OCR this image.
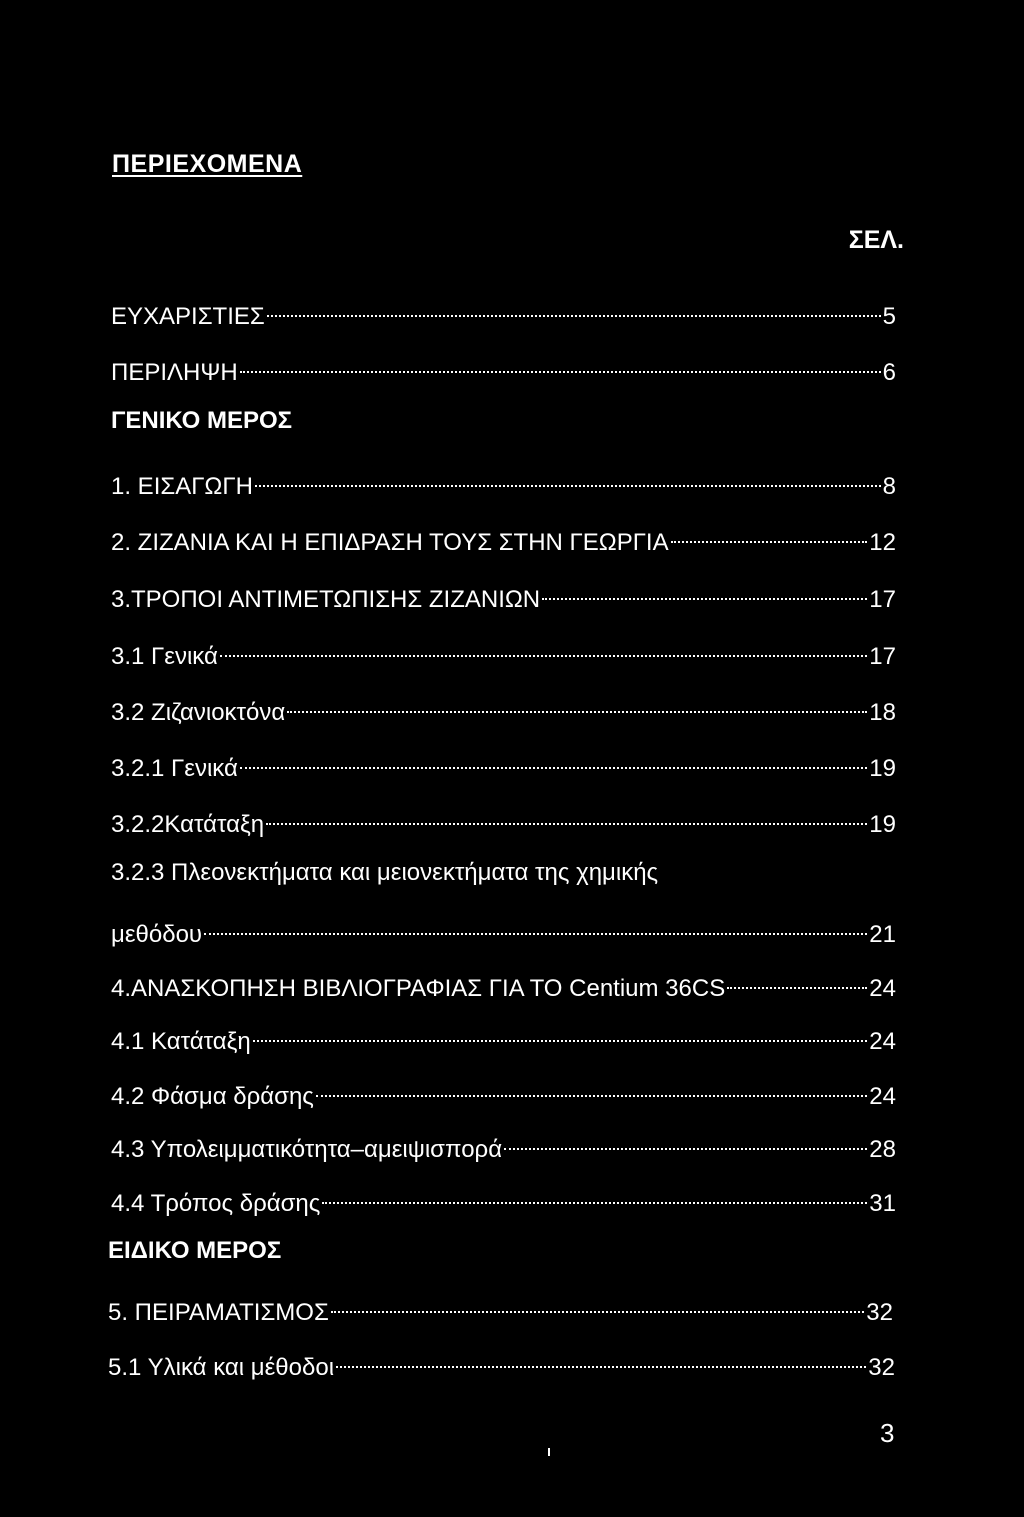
ΠΕΡΙΕΧΟΜΕΝΑ
ΣΕΛ.
ΕΥΧΑΡΙΣΤΙΕΣ	5
ΠΕΡΙΛΗΨΗ	6
ΓΕΝΙΚΟ ΜΕΡΟΣ
1. ΕΙΣΑΓΩΓΗ	8
2. ΖΙΖΑΝΙΑ ΚΑΙ Η ΕΠΙΔΡΑΣΗ ΤΟΥΣ ΣΤΗΝ ΓΕΩΡΓΙΑ	12
3.ΤΡΟΠΟΙ ΑΝΤΙΜΕΤΩΠΙΣΗΣ ΖΙΖΑΝΙΩΝ	17
3.1 Γενικά	17
3.2 Ζιζανιοκτόνα	18
3.2.1 Γενικά	19
3.2.2Κατάταξη	19
3.2.3 Πλεονεκτήματα και μειονεκτήματα της χημικής
μεθόδου	21
4.ΑΝΑΣΚΟΠΗΣΗ ΒΙΒΛΙΟΓΡΑΦΙΑΣ ΓΙΑ ΤΟ Centium 36CS	24
4.1 Κατάταξη	24
4.2 Φάσμα δράσης	24
4.3 Υπολειμματικότητα–αμειψισπορά	28
4.4 Τρόπος δράσης	31
ΕΙΔΙΚΟ ΜΕΡΟΣ
5. ΠΕΙΡΑΜΑΤΙΣΜΟΣ	32
5.1 Υλικά και μέθοδοι	32
3
